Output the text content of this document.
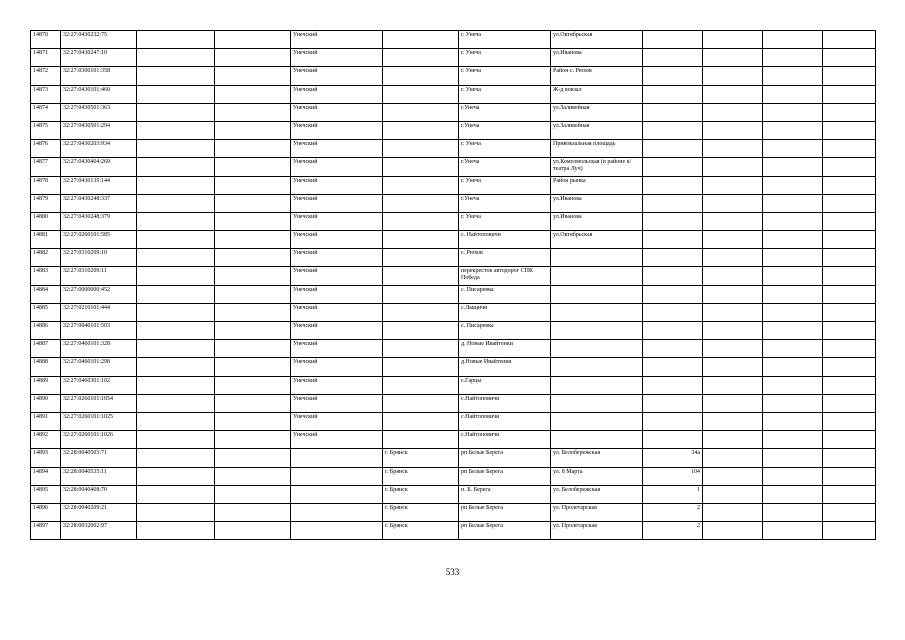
14870	32:27:0430232:75			Унечский		г. Унеча	ул.Октябрьская				
14871	32:27:0430247:10			Унечский		г. Унеча	ул.Иванова				
14872	32:27:0300101:358			Унечский		г. Унеча	Район с. Рюхов				
14873	32:27:0430101:460			Унечский		г. Унеча	Ж-д вокзал				
14874	32:27:0430501:363			Унечский		г.Унеча	ул.Заливейная				
14875	32:27:0430501:294			Унечский		г.Унеча	ул.Заливейная				
14876	32:27:0430203:934			Унечский		г. Унеча	Привокзальная площадь				
14877	32:27:0430404:269			Унечский		г.Унеча	ул.Комсомольская (в районе к/театра Луч)				
14878	32:27:0430135:144			Унечский		г. Унеча	Район рынка				
14879	32:27:0430248:337			Унечский		г.Унеча	ул.Иванова				
14880	32:27:0430248:379			Унечский		г. Унеча	ул.Иванова				
14881	32:27:0260101:585			Унечский		с. Найтоповичи	ул.Октябрьская				
14882	32:27:0310209:10			Унечский		с. Рюхов					
14883	32:27:0310209:11			Унечский		перекресток автодорог СПК Победа					
14884	32:27:0000000:452			Унечский		с. Писаревка					
14885	32:27:0210101:444			Унечский		с.Лыщичи					
14886	32:27:0040101:503			Унечский		с. Писаревка					
14887	32:27:0460101:328			Унечский		д. Новые Ивайтенки					
14888	32:27:0460101:298			Унечский		д.Новые Ивайтенки					
14889	32:27:0460301:102			Унечский		с.Гарцы					
14890	32:27:0260101:1054			Унечский		с.Найтоповичи					
14891	32:27:0260101:1025			Унечский		с.Найтоповичи					
14892	32:27:0260101:1026			Унечский		с.Найтоповичи					
14893	32:28:0040503:71				г. Брянск	рп Белые Берега	ул. Белобережская	34а			
14894	32:28:0040535:11				г. Брянск	рп Белые Берега	ул. 8 Марта	104			
14895	32:28:0040408:70				г. Брянск	п. Б. Берега	ул. Белобережская	1			
14896	32:28:0040209:21				г. Брянск	рп Белые Берега	ул. Пролетарская	2			
14897	32:28:0032002:97				г. Брянск	рп Белые Берега	ул. Пролетарская	2			
533
